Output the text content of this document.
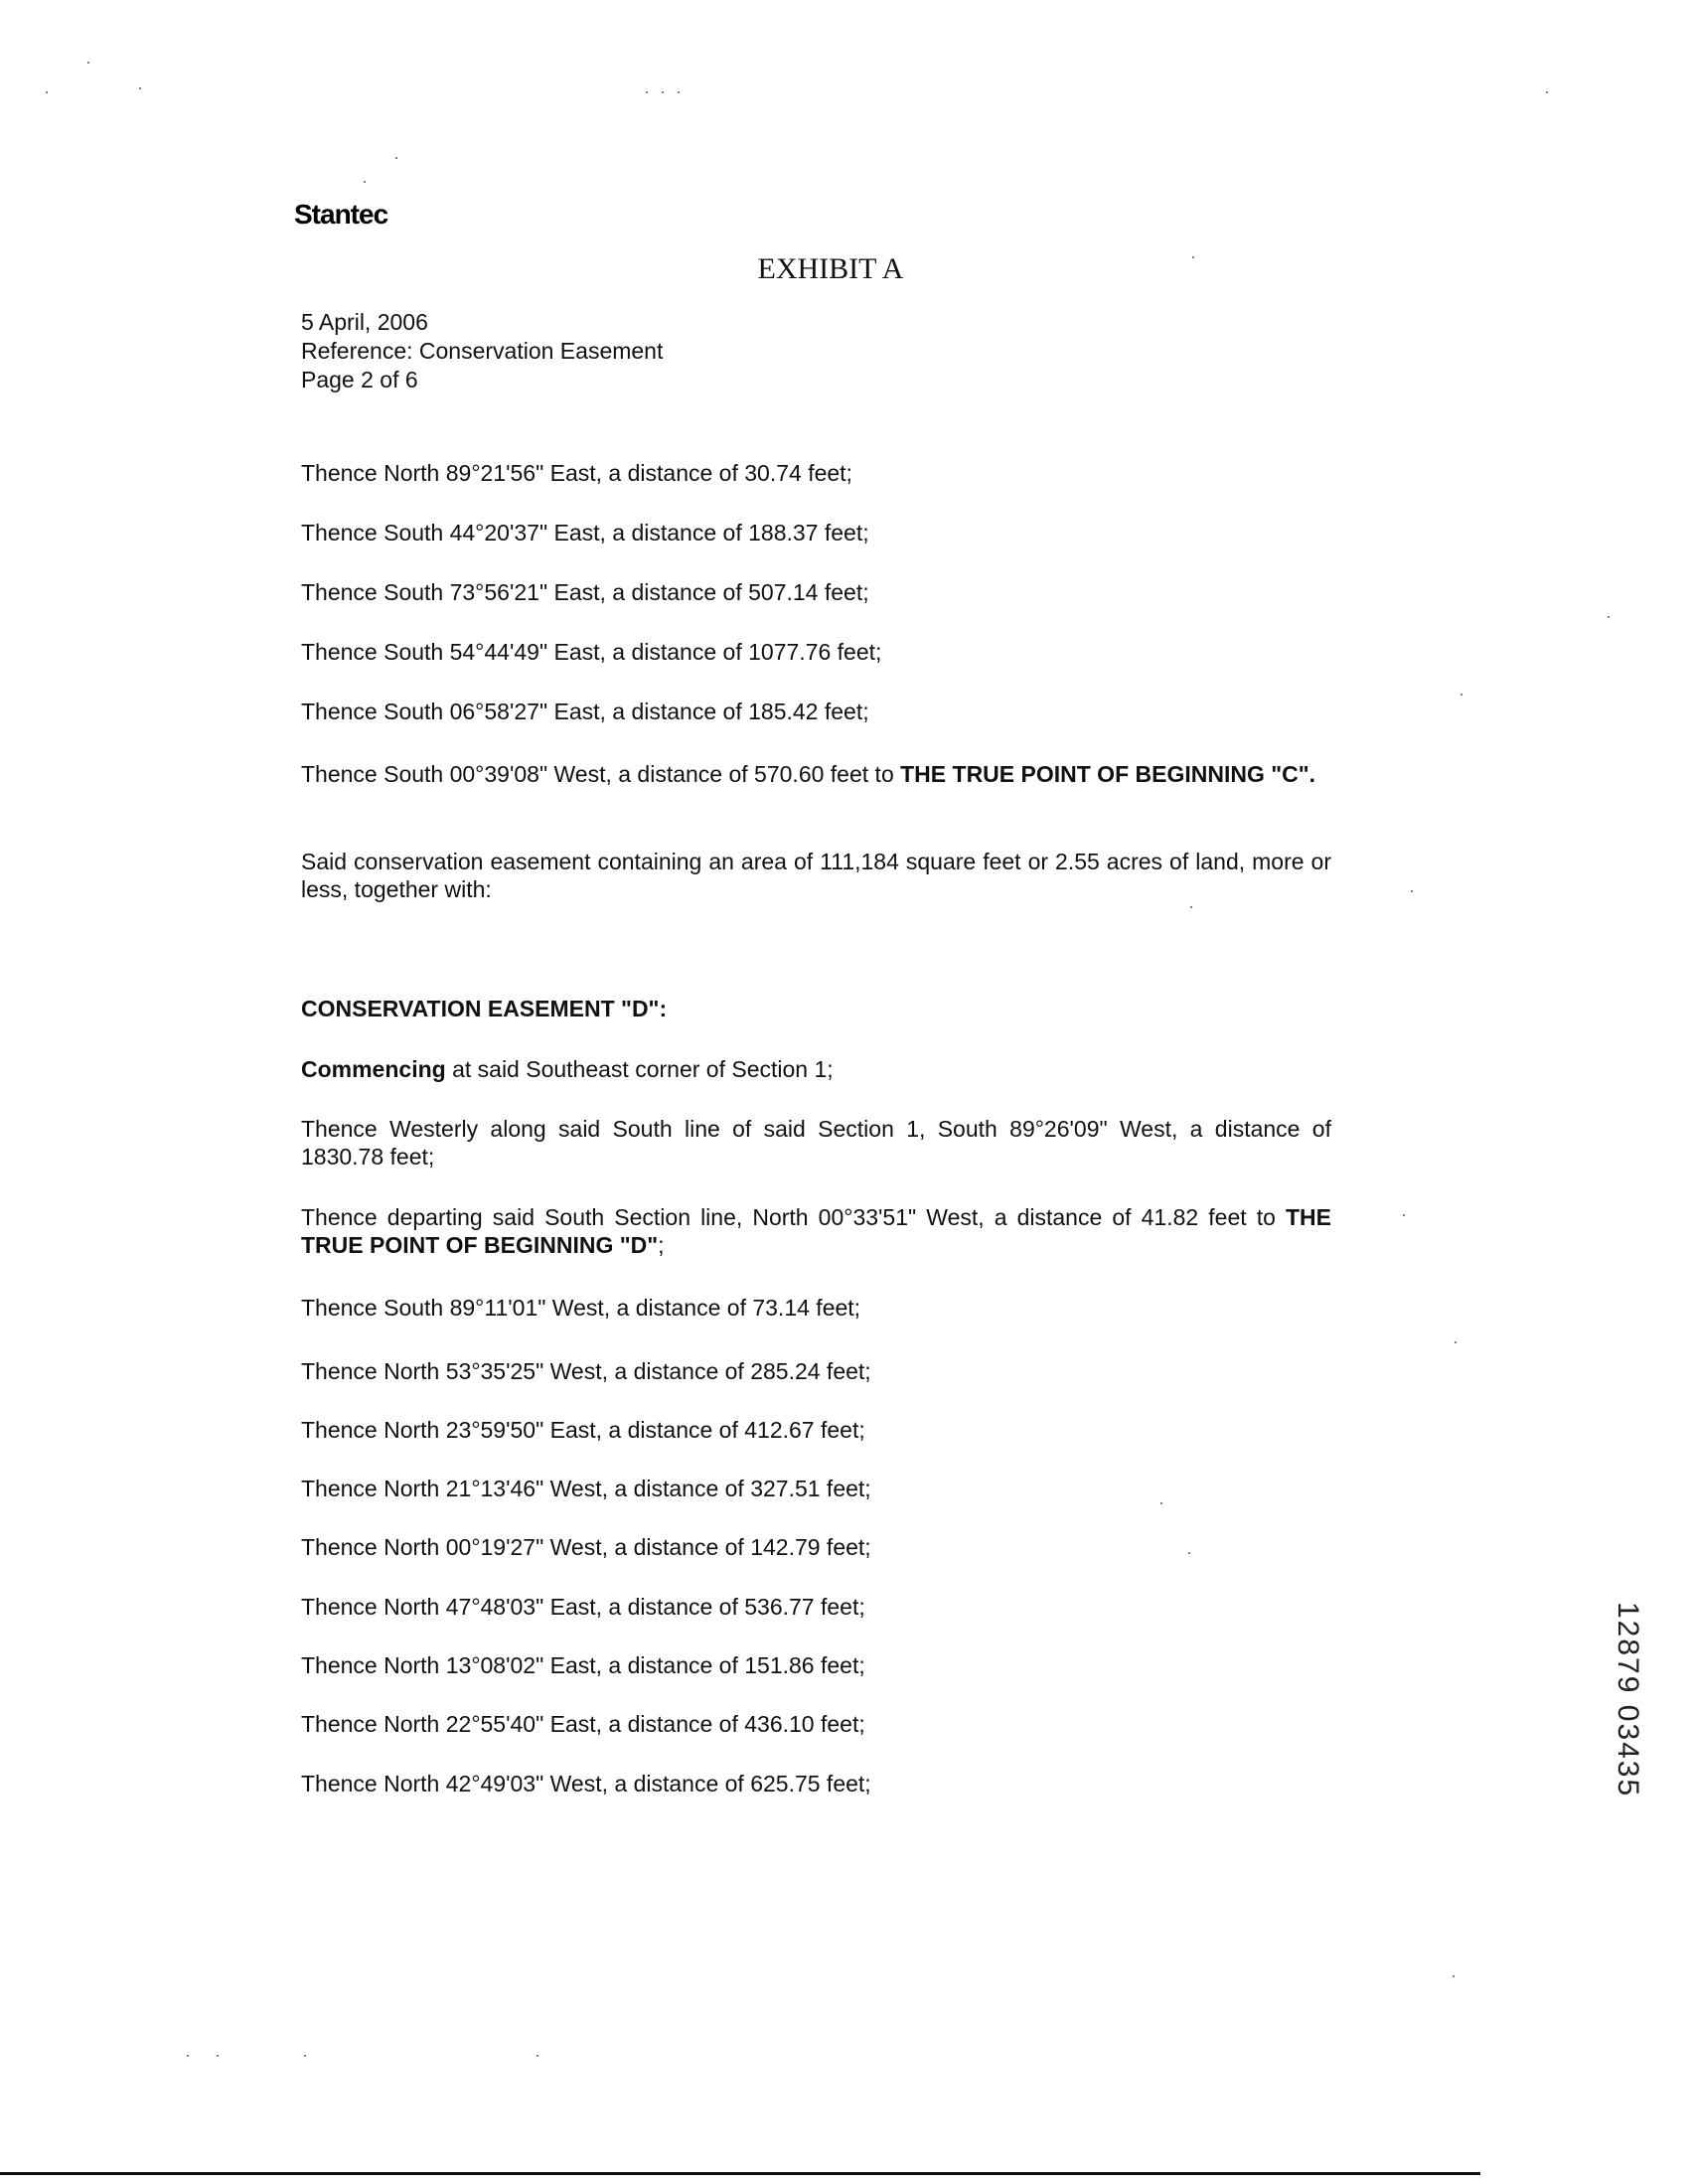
Stantec
EXHIBIT A
5 April, 2006
Reference: Conservation Easement
Page 2 of 6

Thence North 89°21'56" East, a distance of 30.74 feet;

Thence South 44°20'37" East, a distance of 188.37 feet;

Thence South 73°56'21" East, a distance of 507.14 feet;

Thence South 54°44'49" East, a distance of 1077.76 feet;

Thence South 06°58'27" East, a distance of 185.42 feet;

Thence South 00°39'08" West, a distance of 570.60 feet to THE TRUE POINT OF BEGINNING "C".

Said conservation easement containing an area of 111,184 square feet or 2.55 acres of land, more or less, together with:

CONSERVATION EASEMENT "D":

Commencing at said Southeast corner of Section 1;

Thence Westerly along said South line of said Section 1, South 89°26'09" West, a distance of 1830.78 feet;

Thence departing said South Section line, North 00°33'51" West, a distance of 41.82 feet to THE TRUE POINT OF BEGINNING "D";

Thence South 89°11'01" West, a distance of 73.14 feet;

Thence North 53°35'25" West, a distance of 285.24 feet;

Thence North 23°59'50" East, a distance of 412.67 feet;

Thence North 21°13'46" West, a distance of 327.51 feet;

Thence North 00°19'27" West, a distance of 142.79 feet;

Thence North 47°48'03" East, a distance of 536.77 feet;

Thence North 13°08'02" East, a distance of 151.86 feet;

Thence North 22°55'40" East, a distance of 436.10 feet;

Thence North 42°49'03" West, a distance of 625.75 feet;	12879 03435
